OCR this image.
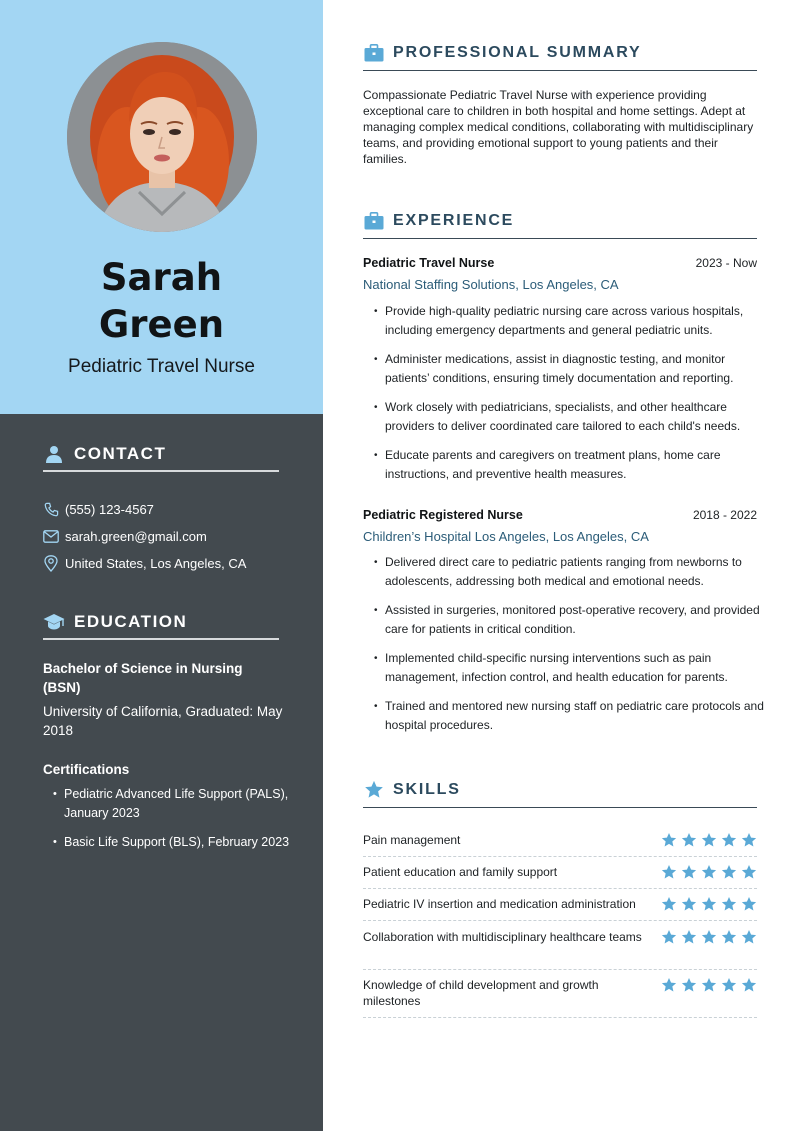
Sarah
Green
Pediatric Travel Nurse
CONTACT
(555) 123-4567
sarah.green@gmail.com
United States, Los Angeles, CA
EDUCATION
Bachelor of Science in Nursing (BSN)
University of California, Graduated: May 2018
Certifications
• Pediatric Advanced Life Support (PALS), January 2023
• Basic Life Support (BLS), February 2023
PROFESSIONAL SUMMARY
Compassionate Pediatric Travel Nurse with experience providing exceptional care to children in both hospital and home settings. Adept at managing complex medical conditions, collaborating with multidisciplinary teams, and providing emotional support to young patients and their families.
EXPERIENCE
Pediatric Travel Nurse	2023 - Now
National Staffing Solutions, Los Angeles, CA
• Provide high-quality pediatric nursing care across various hospitals, including emergency departments and general pediatric units.
• Administer medications, assist in diagnostic testing, and monitor patients’ conditions, ensuring timely documentation and reporting.
• Work closely with pediatricians, specialists, and other healthcare providers to deliver coordinated care tailored to each child's needs.
• Educate parents and caregivers on treatment plans, home care instructions, and preventive health measures.
Pediatric Registered Nurse	2018 - 2022
Children’s Hospital Los Angeles, Los Angeles, CA
• Delivered direct care to pediatric patients ranging from newborns to adolescents, addressing both medical and emotional needs.
• Assisted in surgeries, monitored post-operative recovery, and provided care for patients in critical condition.
• Implemented child-specific nursing interventions such as pain management, infection control, and health education for parents.
• Trained and mentored new nursing staff on pediatric care protocols and hospital procedures.
SKILLS
Pain management
Patient education and family support
Pediatric IV insertion and medication administration
Collaboration with multidisciplinary healthcare teams
Knowledge of child development and growth milestones
